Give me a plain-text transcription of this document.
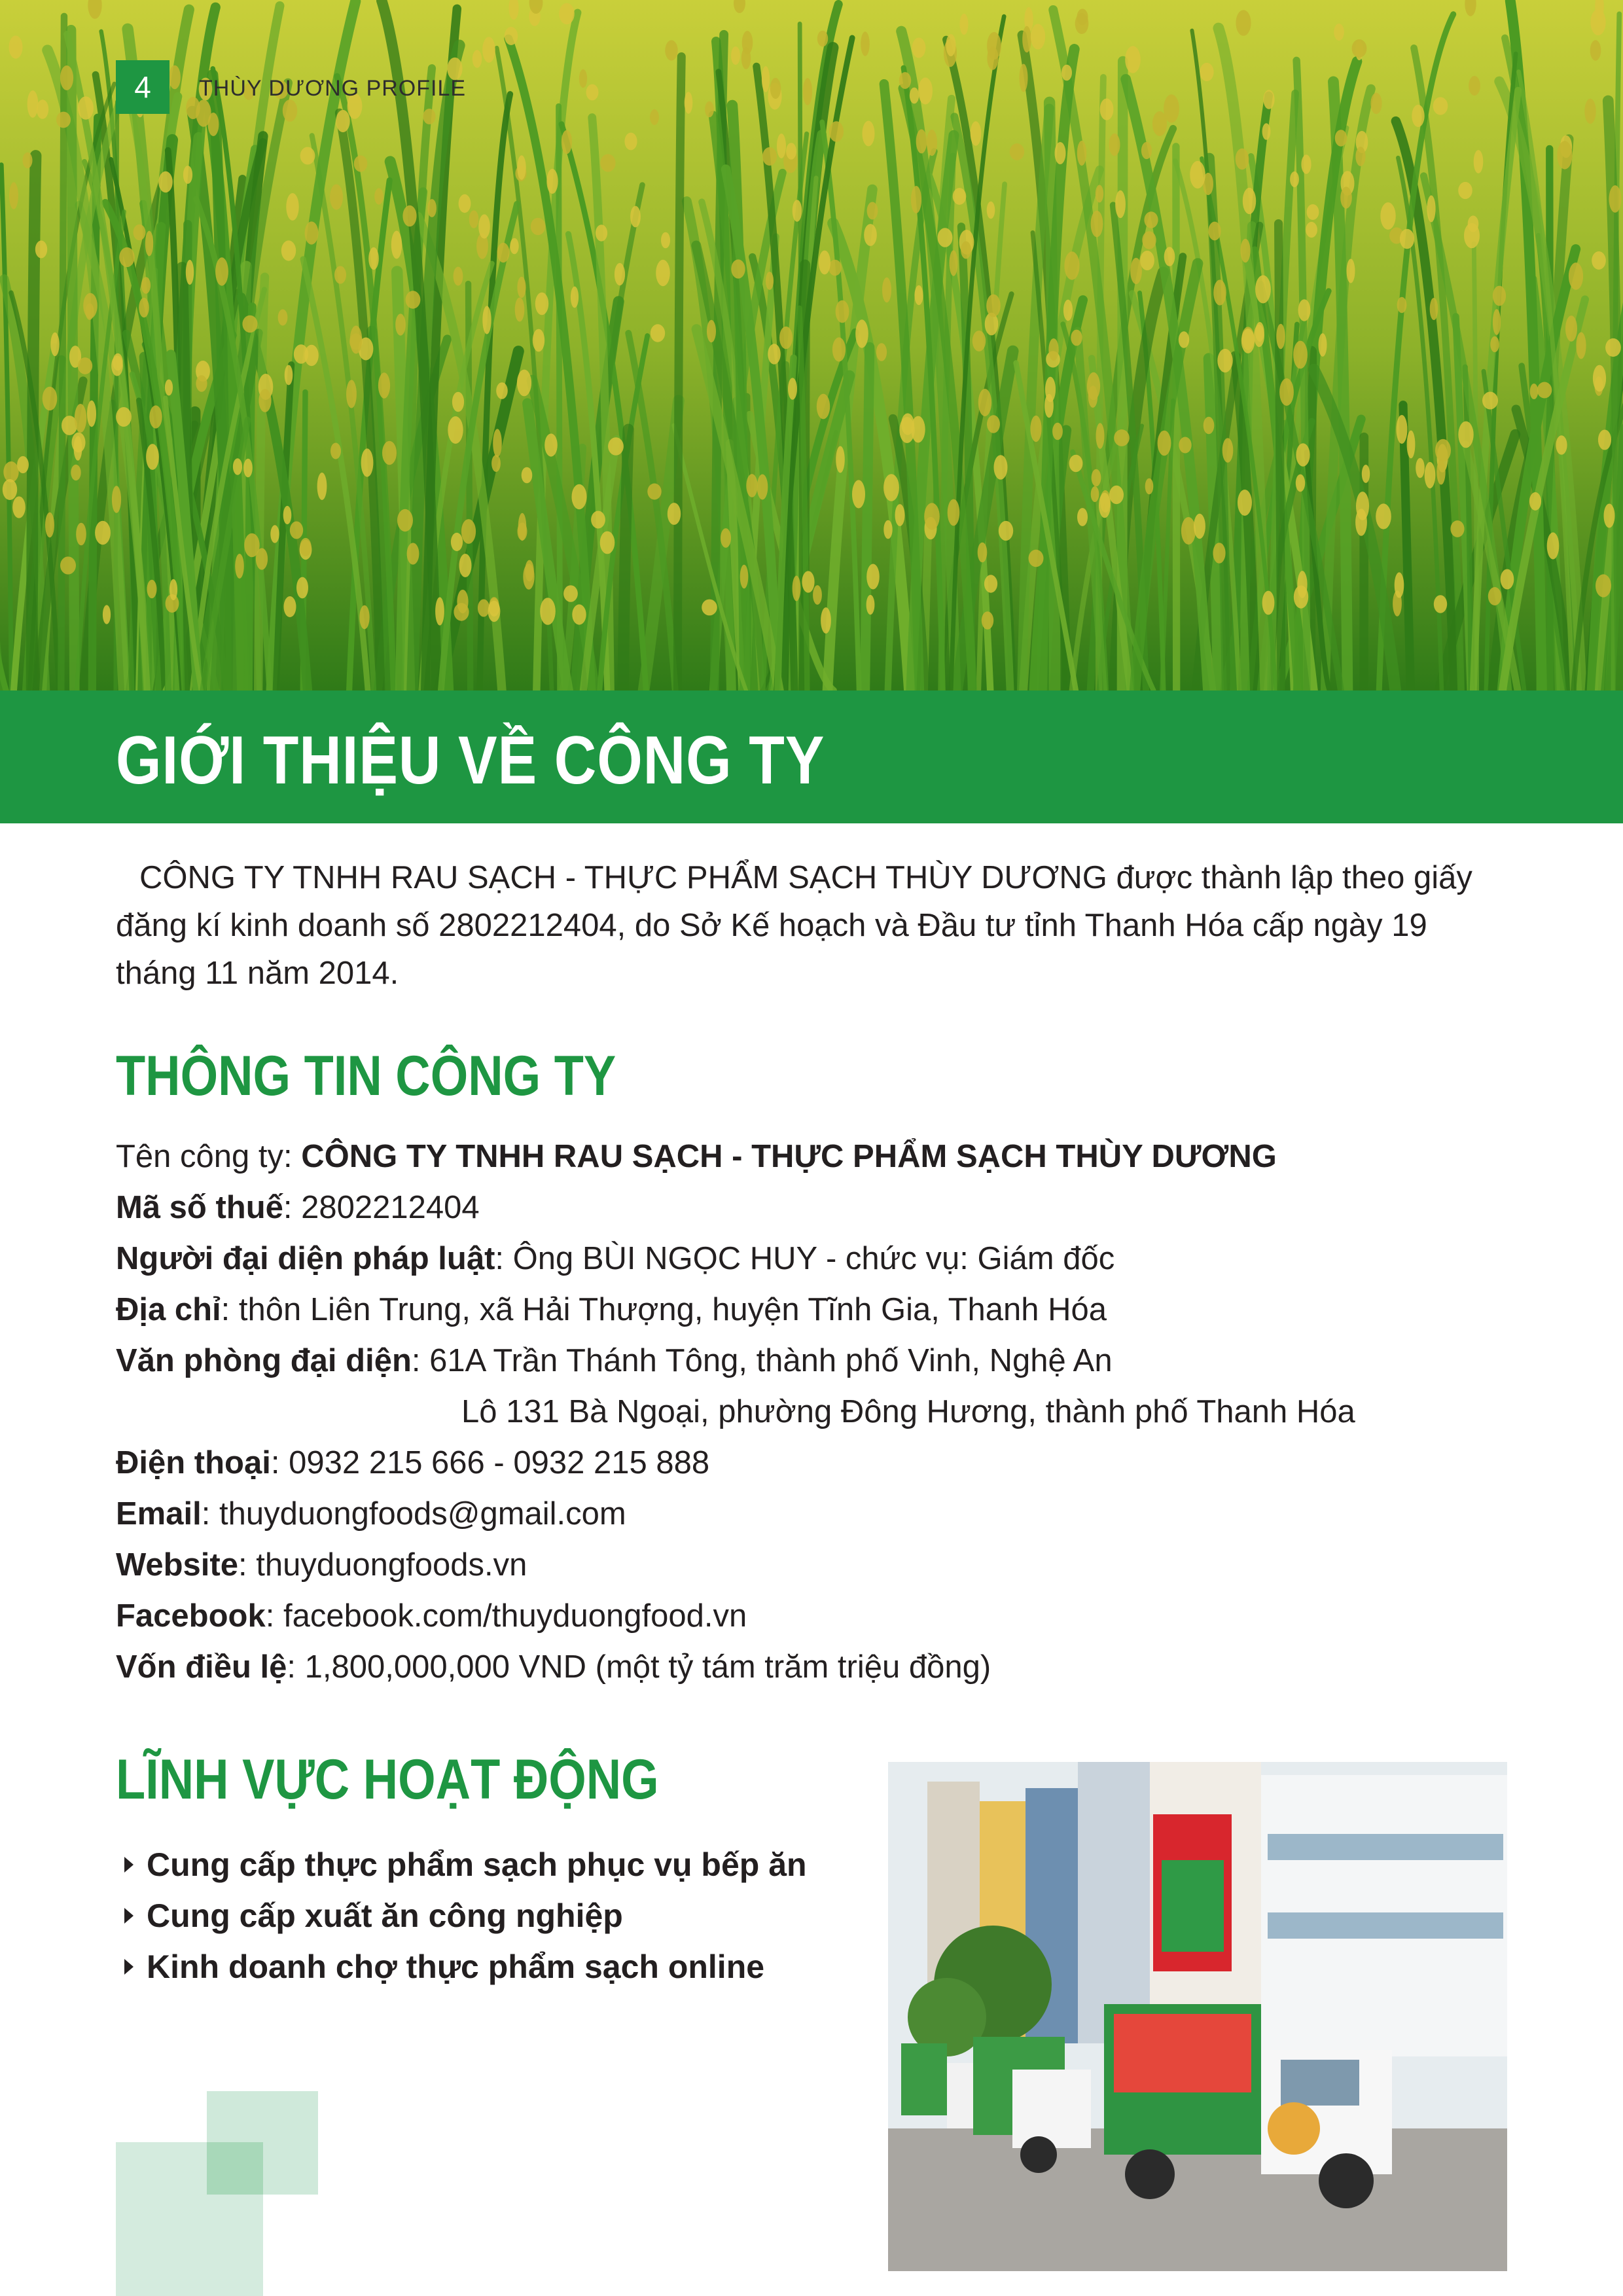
4	THÙY DƯƠNG PROFILE
GIỚI THIỆU VỀ CÔNG TY
CÔNG TY TNHH RAU SẠCH - THỰC PHẨM SẠCH THÙY DƯƠNG được thành lập theo giấy đăng kí kinh doanh số 2802212404, do Sở Kế hoạch và Đầu tư tỉnh Thanh Hóa cấp ngày 19 tháng 11 năm 2014.
THÔNG TIN CÔNG TY
Tên công ty: CÔNG TY TNHH RAU SẠCH - THỰC PHẨM SẠCH THÙY DƯƠNG
Mã số thuế: 2802212404
Người đại diện pháp luật: Ông BÙI NGỌC HUY - chức vụ: Giám đốc
Địa chỉ: thôn Liên Trung, xã Hải Thượng, huyện Tĩnh Gia, Thanh Hóa
Văn phòng đại diện: 61A Trần Thánh Tông, thành phố Vinh, Nghệ An
Lô 131 Bà Ngoại, phường Đông Hương, thành phố Thanh Hóa
Điện thoại: 0932 215 666 - 0932 215 888
Email: thuyduongfoods@gmail.com
Website: thuyduongfoods.vn
Facebook: facebook.com/thuyduongfood.vn
Vốn điều lệ: 1,800,000,000 VND (một tỷ tám trăm triệu đồng)
LĨNH VỰC HOẠT ĐỘNG
Cung cấp thực phẩm sạch phục vụ bếp ăn
Cung cấp xuất ăn công nghiệp
Kinh doanh chợ thực phẩm sạch online
